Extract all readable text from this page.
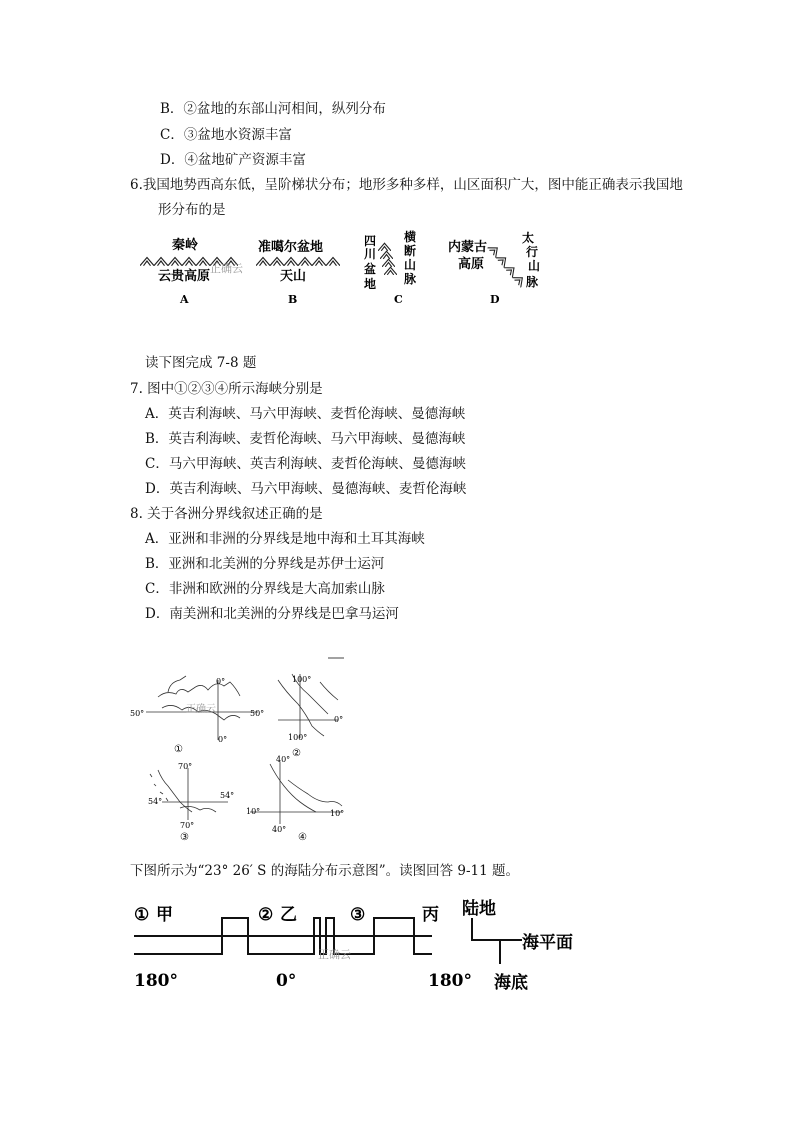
B．②盆地的东部山河相间，纵列分布
C．③盆地水资源丰富
D．④盆地矿产资源丰富
6.我国地势西高东低，呈阶梯状分布；地形多种多样，山区面积广大，图中能正确表示我国地
形分布的是
秦岭
云贵高原
A
准噶尔盆地
天山
B
四
川
盆
地
横
断
山
脉
C
内蒙古
高原
太
行
山
脉
D
正确云
读下图完成 7-8 题
7. 图中①②③④所示海峡分别是
A．英吉利海峡、马六甲海峡、麦哲伦海峡、曼德海峡
B．英吉利海峡、麦哲伦海峡、马六甲海峡、曼德海峡
C．马六甲海峡、英吉利海峡、麦哲伦海峡、曼德海峡
D．英吉利海峡、马六甲海峡、曼德海峡、麦哲伦海峡
8. 关于各洲分界线叙述正确的是
A．亚洲和非洲的分界线是地中海和土耳其海峡
B．亚洲和北美洲的分界线是苏伊士运河
C．非洲和欧洲的分界线是大高加索山脉
D．南美洲和北美洲的分界线是巴拿马运河
50°	50°
0°
0°
①
正确云
100°
100°
0°
②
70°
70°
54°
54°
③
40°
40°
10°	10°
④
下图所示为“23° 26′ S 的海陆分布示意图”。读图回答 9-11 题。
① 甲	② 乙	③	丙
180°	0°	180°
陆地
海平面
海底
正确云
